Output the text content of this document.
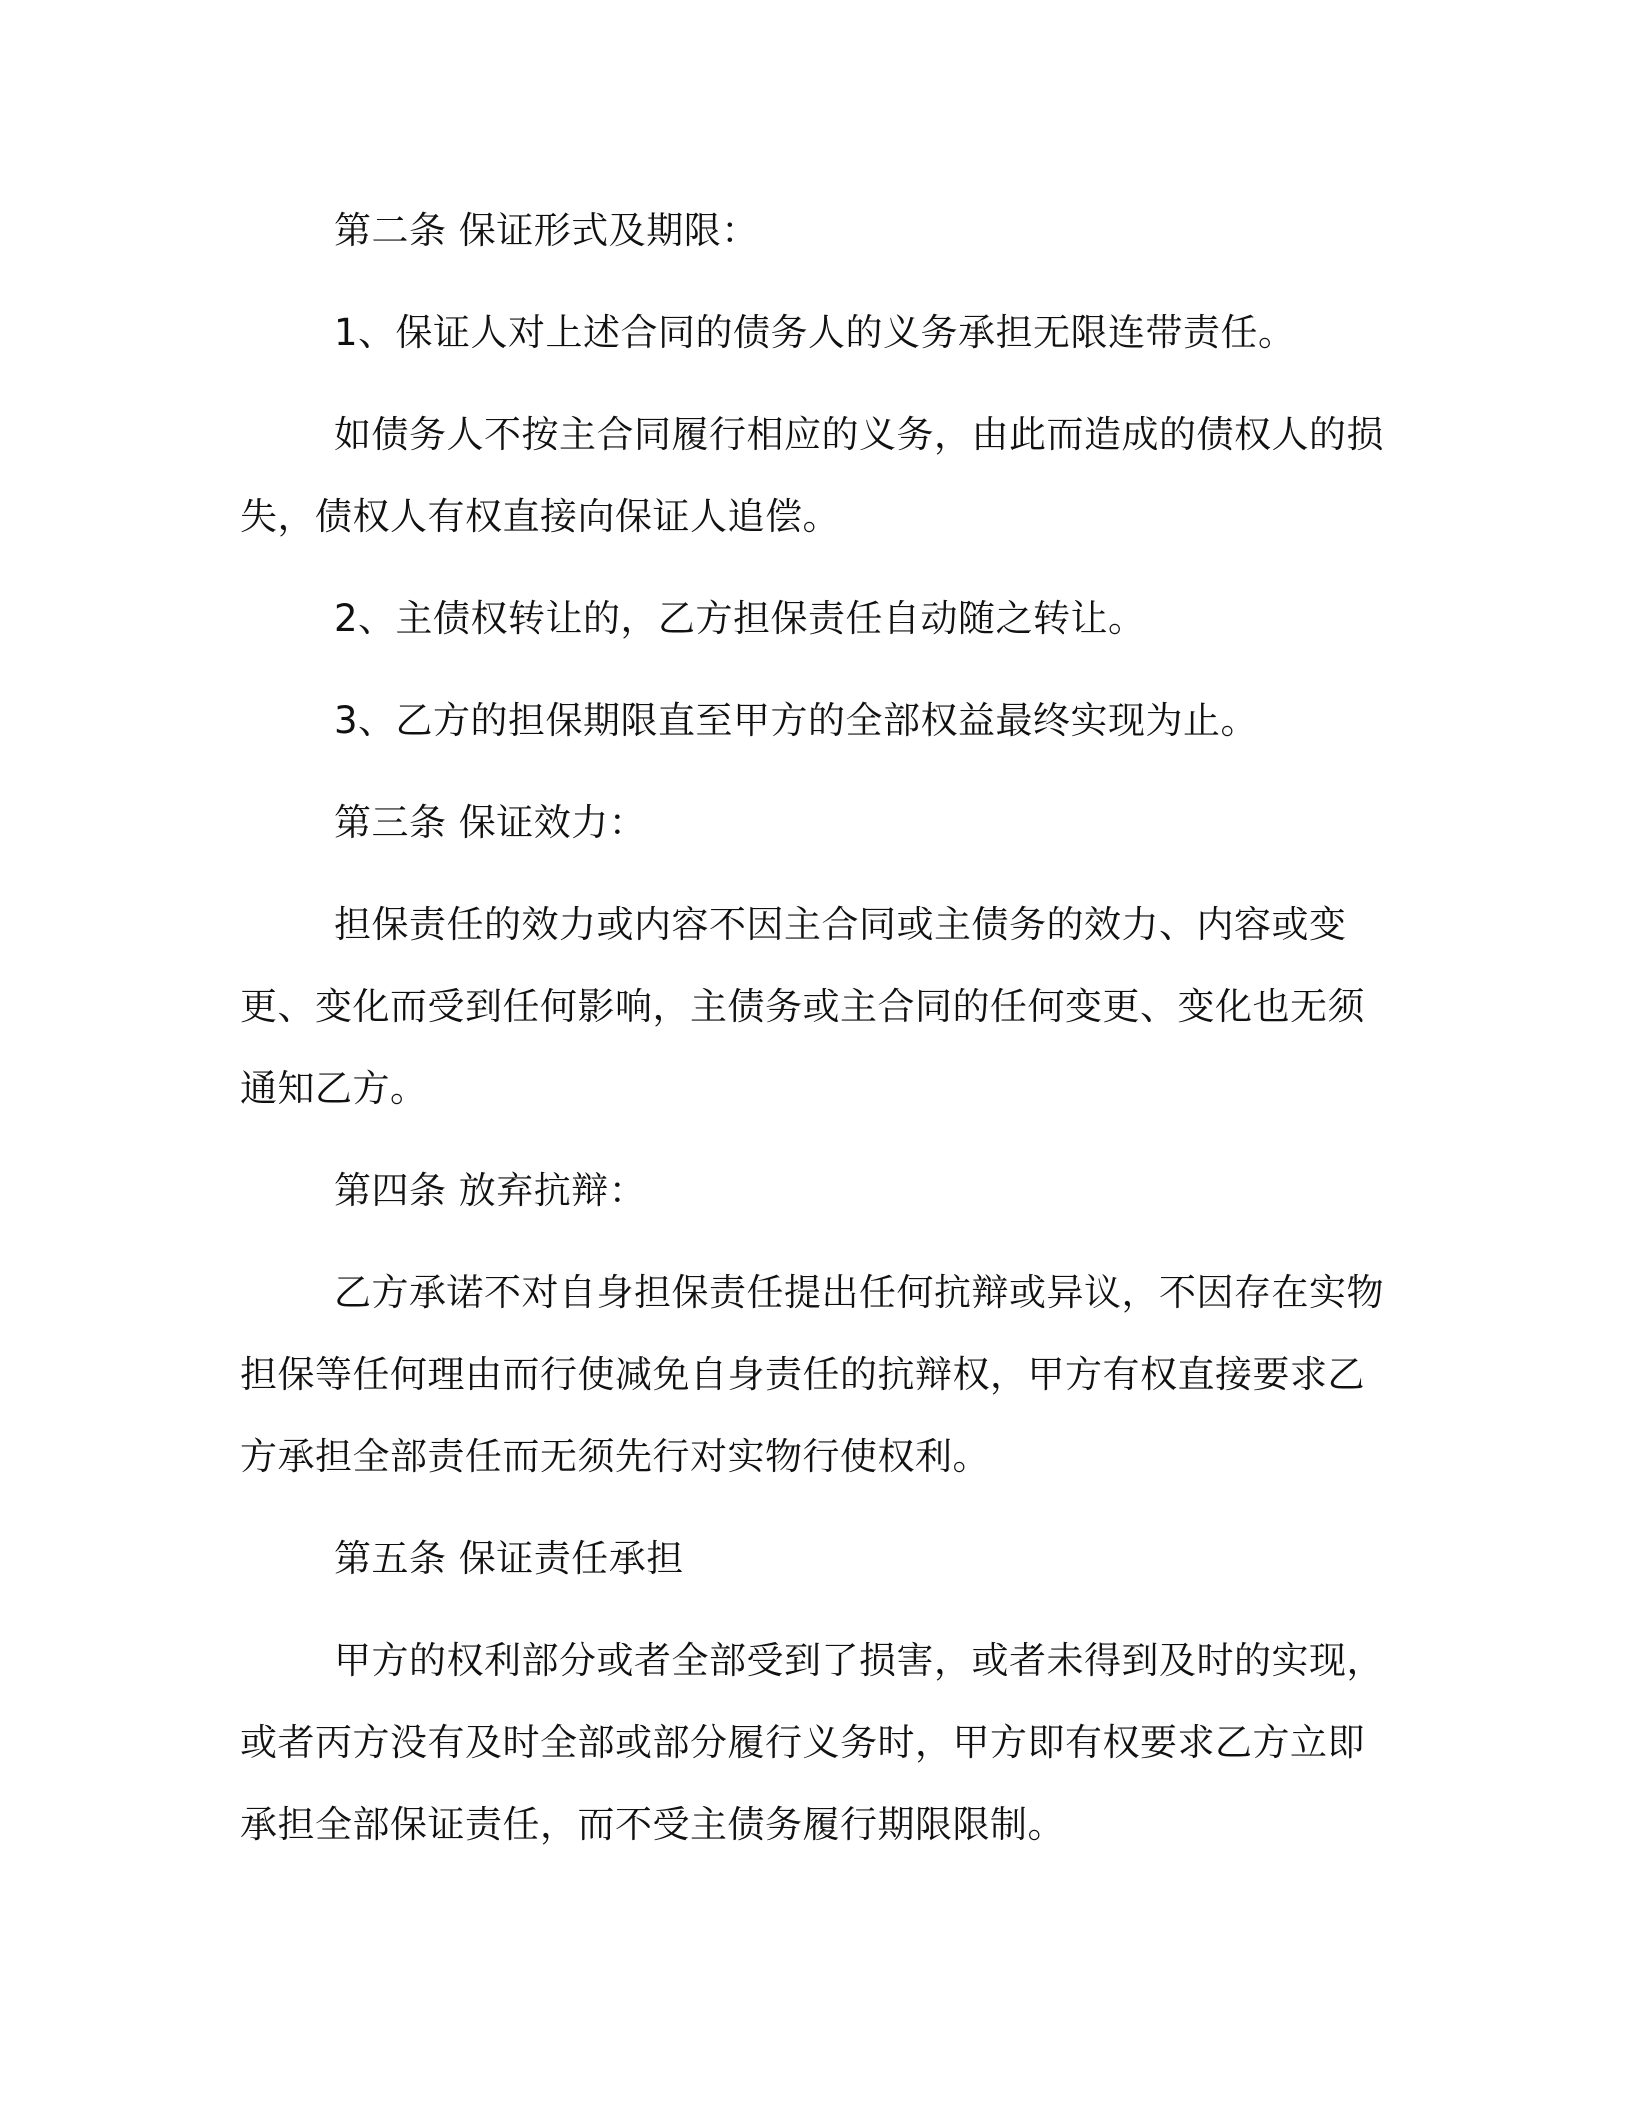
第二条 保证形式及期限：

1、保证人对上述合同的债务人的义务承担无限连带责任。

如债务人不按主合同履行相应的义务，由此而造成的债权人的损失，债权人有权直接向保证人追偿。

2、主债权转让的，乙方担保责任自动随之转让。

3、乙方的担保期限直至甲方的全部权益最终实现为止。

第三条 保证效力：

担保责任的效力或内容不因主合同或主债务的效力、内容或变更、变化而受到任何影响，主债务或主合同的任何变更、变化也无须通知乙方。

第四条 放弃抗辩：

乙方承诺不对自身担保责任提出任何抗辩或异议，不因存在实物担保等任何理由而行使减免自身责任的抗辩权，甲方有权直接要求乙方承担全部责任而无须先行对实物行使权利。

第五条 保证责任承担

甲方的权利部分或者全部受到了损害，或者未得到及时的实现，或者丙方没有及时全部或部分履行义务时，甲方即有权要求乙方立即承担全部保证责任，而不受主债务履行期限限制。
